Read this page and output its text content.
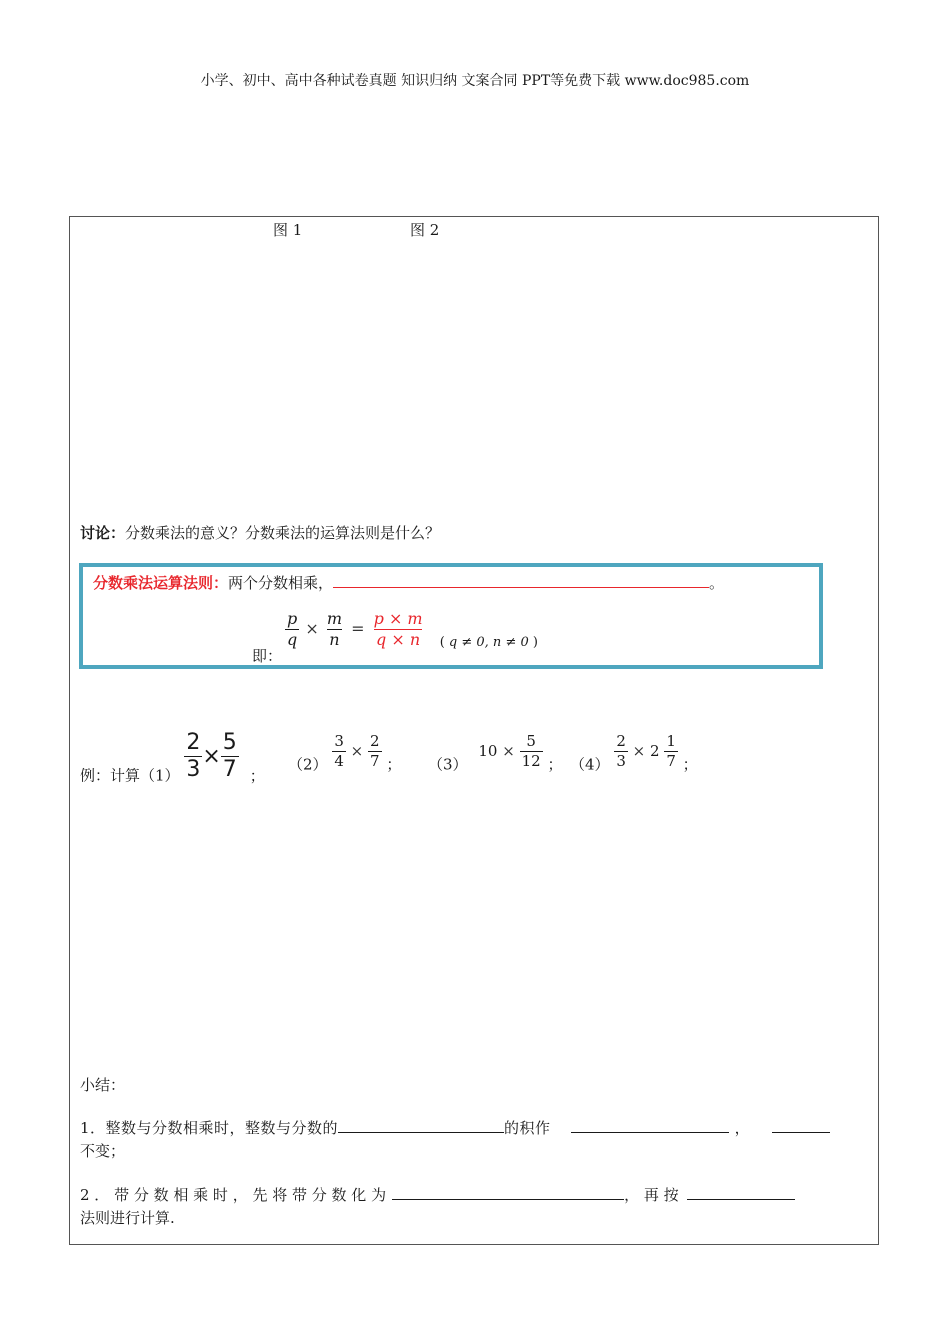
小学、初中、高中各种试卷真题 知识归纳 文案合同 PPT等免费下载 www.doc985.com
图 1	图 2
讨论：分数乘法的意义？分数乘法的运算法则是什么？
分数乘法运算法则：两个分数相乘，	。
即：
$\frac{p}{q} \times \frac{m}{n} = \frac{p \times m}{q \times n} _{( q \ne 0, n \ne 0 )}$
例：计算$(1) \frac{2}{3} \times \frac{5}{7}$ ；
$(2) \frac{3}{4} \times \frac{2}{7}$ ； （3） $10 \times \frac{5}{12}$ ； $(4) \frac{2}{3} \times 2 \frac{1}{7}$ ；
小结：
1．整数与分数相乘时，整数与分数的	的积作	，
不变；
2 ． 带 分 数 相 乘 时 ， 先 将 带 分 数 化 为	， 再 按
法则进行计算.
